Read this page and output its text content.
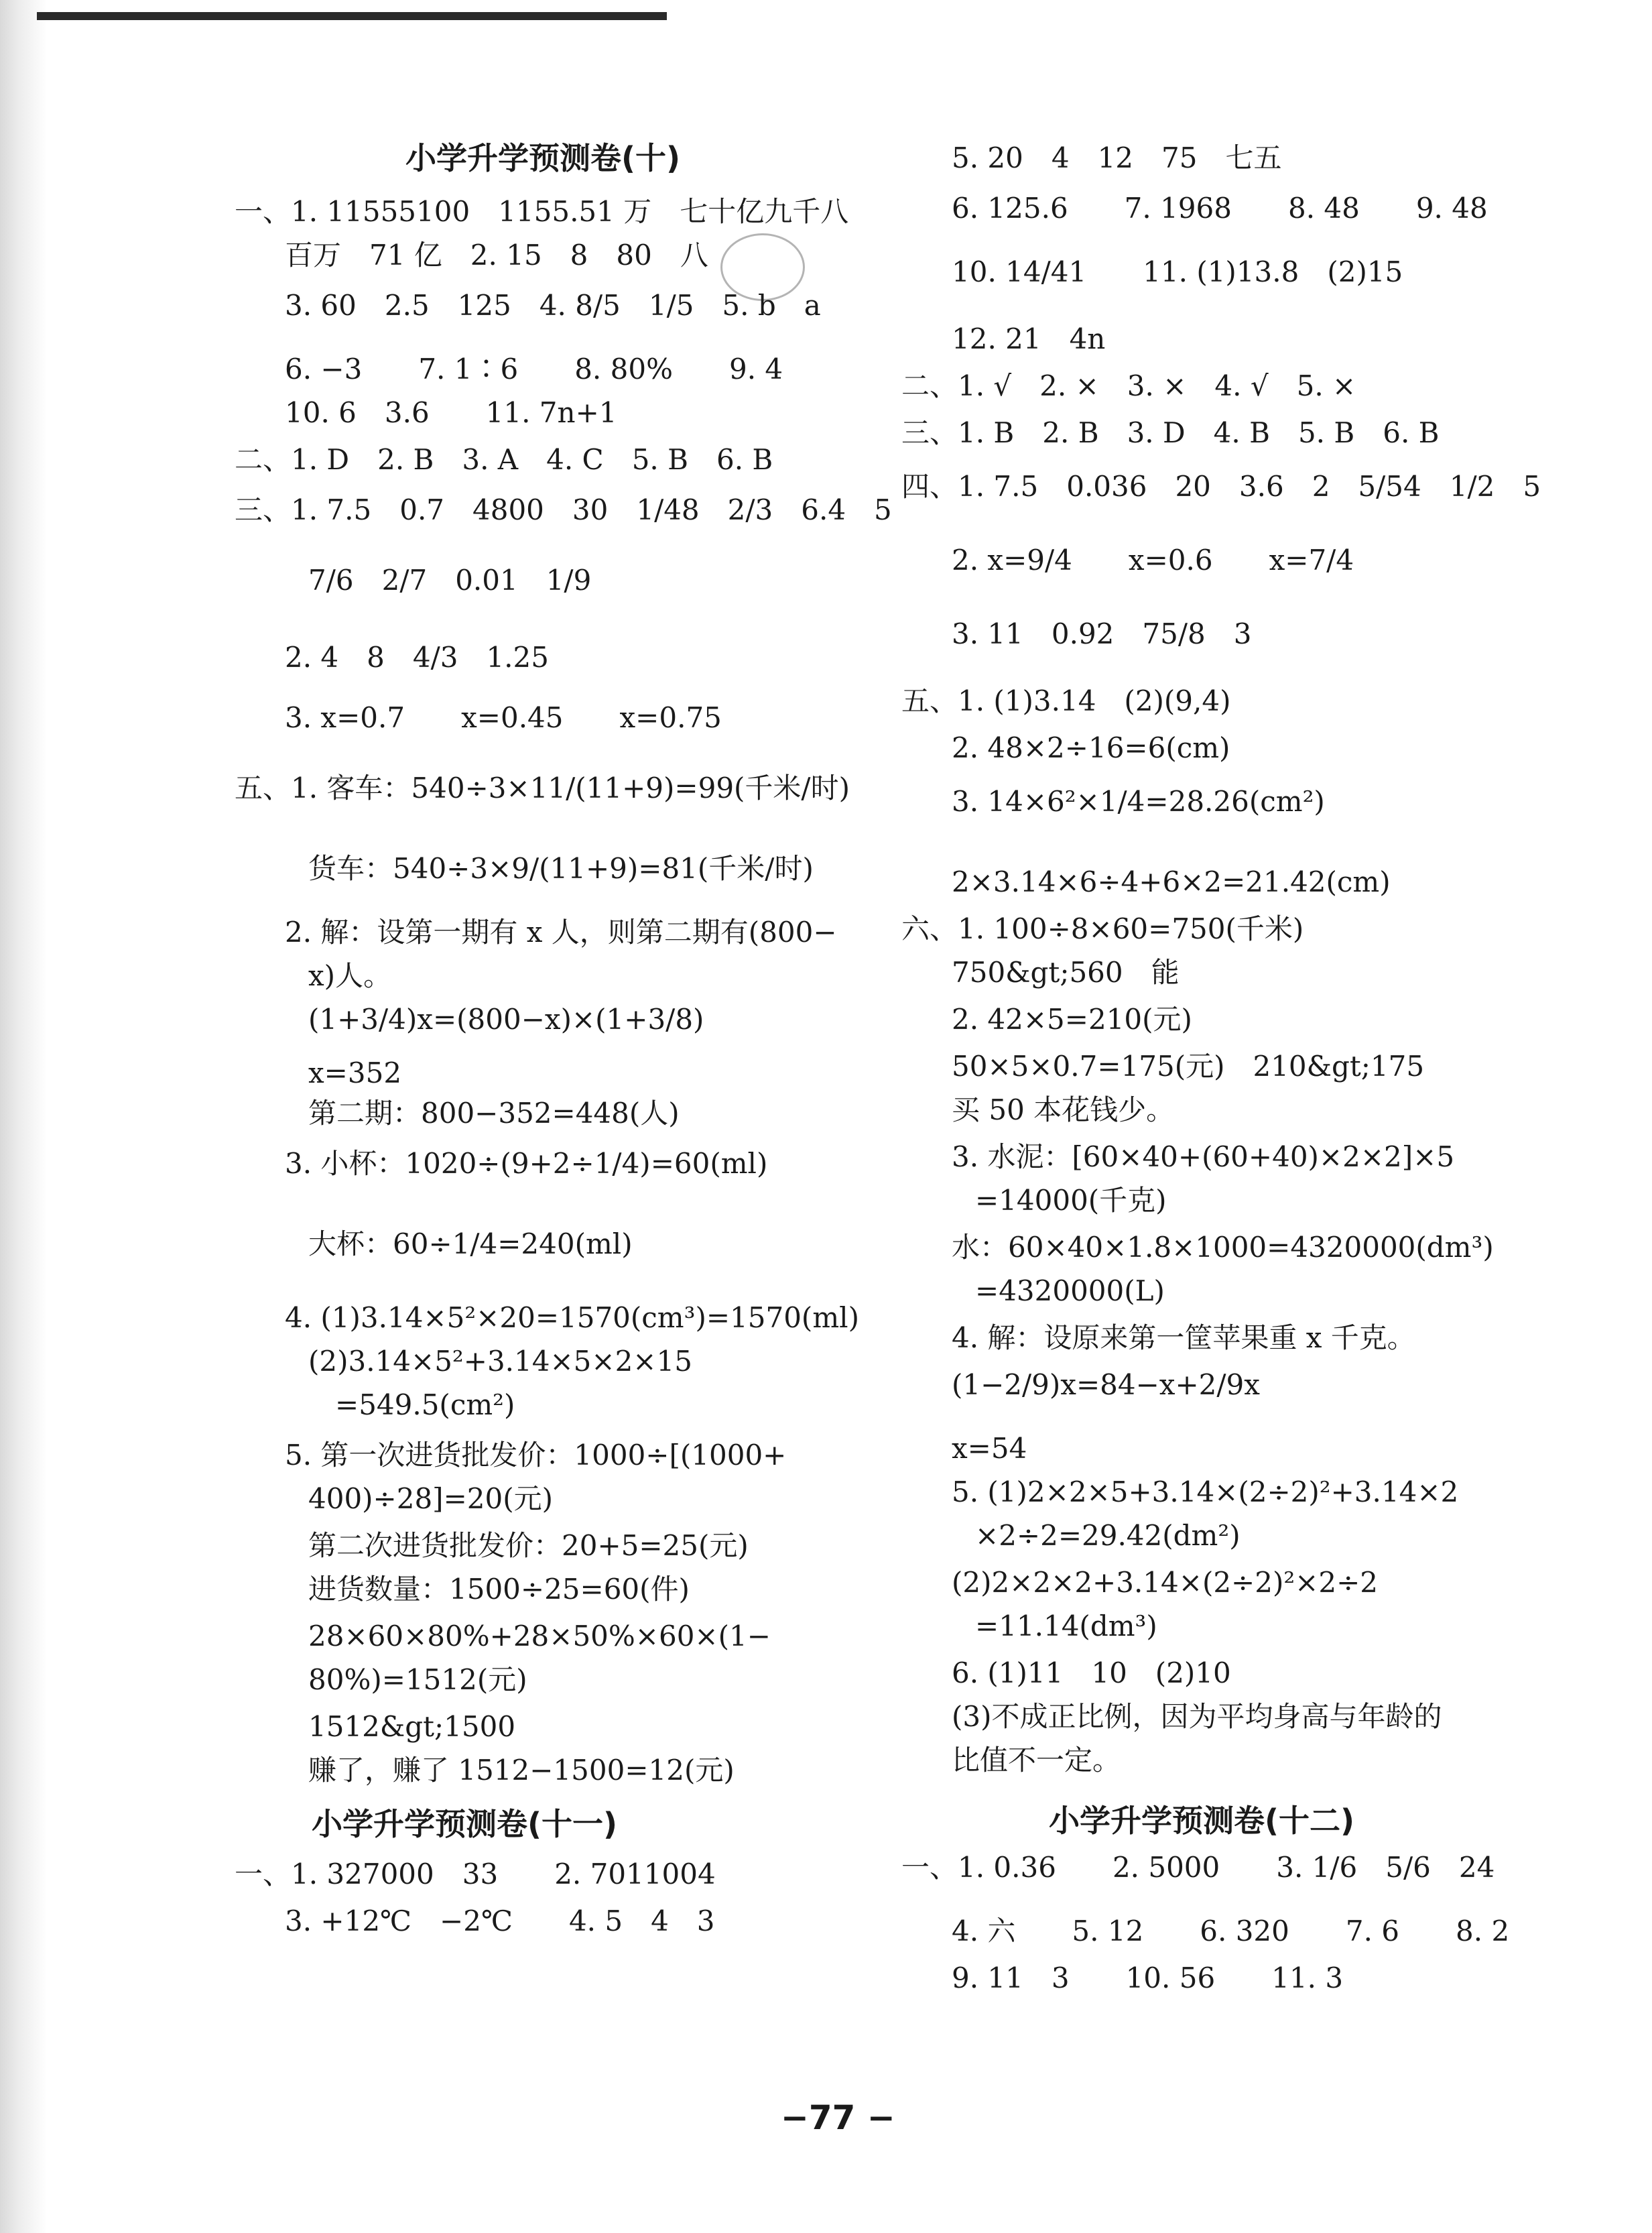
小学升学预测卷(十)
一、1. 11555100　1155.51 万　七十亿九千八
百万　71 亿　2. 15　8　80　八
3. 60　2.5　125　4. 8/5　1/5　5. b　a
6. −3　　7. 1∶6　　8. 80%　　9. 4
10. 6　3.6　　11. 7n+1
二、1. D　2. B　3. A　4. C　5. B　6. B
三、1. 7.5　0.7　4800　30　1/48　2/3　6.4　5
7/6　2/7　0.01　1/9
2. 4　8　4/3　1.25
3. x=0.7　　x=0.45　　x=0.75
五、1. 客车：540÷3×11/(11+9)=99(千米/时)
货车：540÷3×9/(11+9)=81(千米/时)
2. 解：设第一期有 x 人，则第二期有(800−
x)人。
(1+3/4)x=(800−x)×(1+3/8)
x=352
第二期：800−352=448(人)
3. 小杯：1020÷(9+2÷1/4)=60(ml)
大杯：60÷1/4=240(ml)
4. (1)3.14×5²×20=1570(cm³)=1570(ml)
(2)3.14×5²+3.14×5×2×15
=549.5(cm²)
5. 第一次进货批发价：1000÷[(1000+
400)÷28]=20(元)
第二次进货批发价：20+5=25(元)
进货数量：1500÷25=60(件)
28×60×80%+28×50%×60×(1−
80%)=1512(元)
1512&gt;1500
赚了，赚了 1512−1500=12(元)
小学升学预测卷(十一)
一、1. 327000　33　　2. 7011004
3. +12℃　−2℃　　4. 5　4　3
5. 20　4　12　75　七五
6. 125.6　　7. 1968　　8. 48　　9. 48
10. 14/41　　11. (1)13.8　(2)15
12. 21　4n
二、1. √　2. ×　3. ×　4. √　5. ×
三、1. B　2. B　3. D　4. B　5. B　6. B
四、1. 7.5　0.036　20　3.6　2　5/54　1/2　5
2. x=9/4　　x=0.6　　x=7/4
3. 11　0.92　75/8　3
五、1. (1)3.14　(2)(9,4)
2. 48×2÷16=6(cm)
3. 14×6²×1/4=28.26(cm²)
2×3.14×6÷4+6×2=21.42(cm)
六、1. 100÷8×60=750(千米)
750&gt;560　能
2. 42×5=210(元)
50×5×0.7=175(元)　210&gt;175
买 50 本花钱少。
3. 水泥：[60×40+(60+40)×2×2]×5
=14000(千克)
水：60×40×1.8×1000=4320000(dm³)
=4320000(L)
4. 解：设原来第一筐苹果重 x 千克。
(1−2/9)x=84−x+2/9x
x=54
5. (1)2×2×5+3.14×(2÷2)²+3.14×2
×2÷2=29.42(dm²)
(2)2×2×2+3.14×(2÷2)²×2÷2
=11.14(dm³)
6. (1)11　10　(2)10
(3)不成正比例，因为平均身高与年龄的
比值不一定。
小学升学预测卷(十二)
一、1. 0.36　　2. 5000　　3. 1/6　5/6　24
4. 六　　5. 12　　6. 320　　7. 6　　8. 2
9. 11　3　　10. 56　　11. 3
−77 −
